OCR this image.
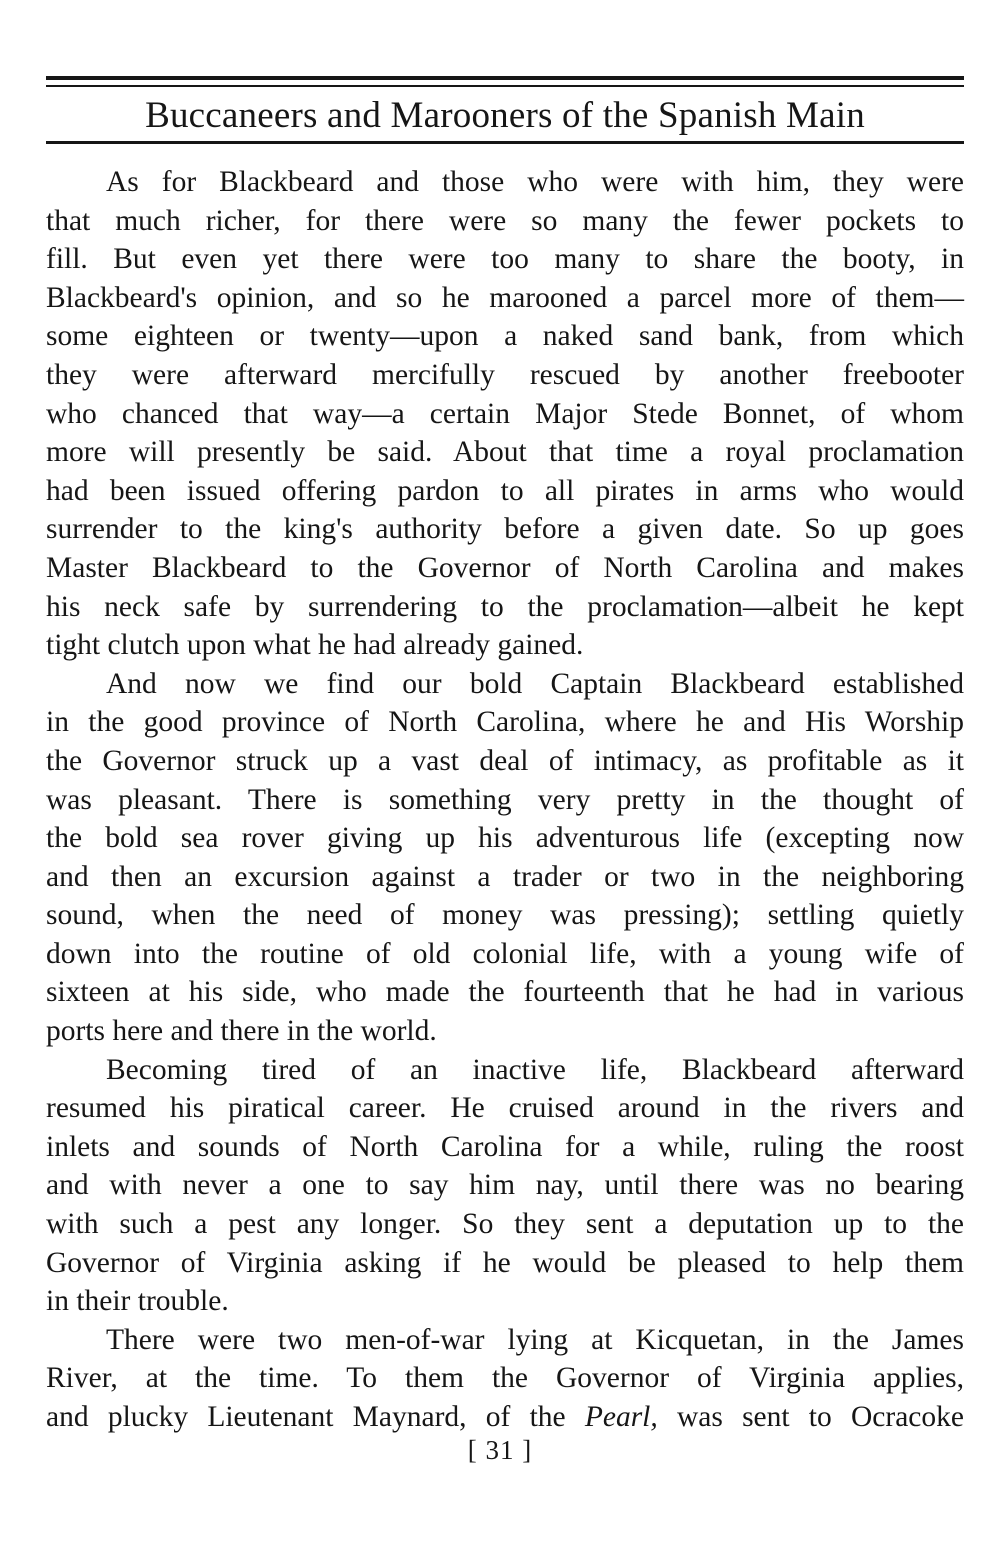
Buccaneers and Marooners of the Spanish Main
As for Blackbeard and those who were with him, they were
that much richer, for there were so many the fewer pockets to
fill. But even yet there were too many to share the booty, in
Blackbeard's opinion, and so he marooned a parcel more of them—
some eighteen or twenty—upon a naked sand bank, from which
they were afterward mercifully rescued by another freebooter
who chanced that way—a certain Major Stede Bonnet, of whom
more will presently be said. About that time a royal proclamation
had been issued offering pardon to all pirates in arms who would
surrender to the king's authority before a given date. So up goes
Master Blackbeard to the Governor of North Carolina and makes
his neck safe by surrendering to the proclamation—albeit he kept
tight clutch upon what he had already gained.
And now we find our bold Captain Blackbeard established
in the good province of North Carolina, where he and His Worship
the Governor struck up a vast deal of intimacy, as profitable as it
was pleasant. There is something very pretty in the thought of
the bold sea rover giving up his adventurous life (excepting now
and then an excursion against a trader or two in the neighboring
sound, when the need of money was pressing); settling quietly
down into the routine of old colonial life, with a young wife of
sixteen at his side, who made the fourteenth that he had in various
ports here and there in the world.
Becoming tired of an inactive life, Blackbeard afterward
resumed his piratical career. He cruised around in the rivers and
inlets and sounds of North Carolina for a while, ruling the roost
and with never a one to say him nay, until there was no bearing
with such a pest any longer. So they sent a deputation up to the
Governor of Virginia asking if he would be pleased to help them
in their trouble.
There were two men-of-war lying at Kicquetan, in the James
River, at the time. To them the Governor of Virginia applies,
and plucky Lieutenant Maynard, of the Pearl, was sent to Ocracoke
[ 31 ]
